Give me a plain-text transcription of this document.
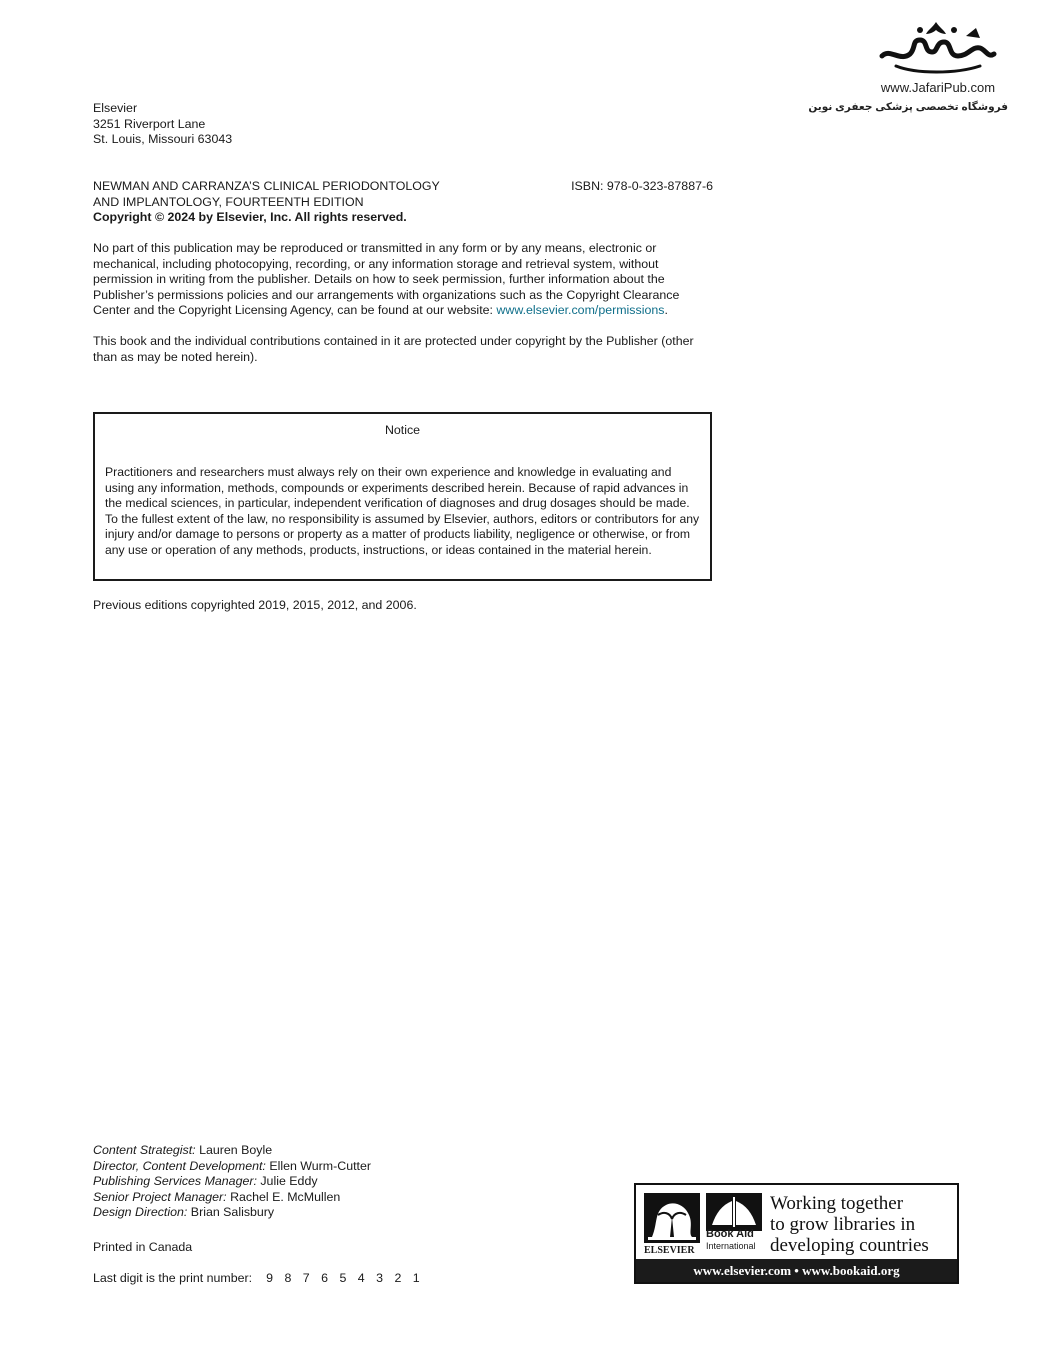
www.JafariPub.com
فروشگاه تخصصی پزشکی جعفری نوین
Elsevier
3251 Riverport Lane
St. Louis, Missouri 63043
NEWMAN AND CARRANZA’S CLINICAL PERIODONTOLOGY
AND IMPLANTOLOGY, FOURTEENTH EDITION
Copyright © 2024 by Elsevier, Inc. All rights reserved.
ISBN: 978-0-323-87887-6
No part of this publication may be reproduced or transmitted in any form or by any means, electronic or mechanical, including photocopying, recording, or any information storage and retrieval system, without permission in writing from the publisher. Details on how to seek permission, further information about the Publisher’s permissions policies and our arrangements with organizations such as the Copyright Clearance Center and the Copyright Licensing Agency, can be found at our website: www.elsevier.com/permissions.
This book and the individual contributions contained in it are protected under copyright by the Publisher (other than as may be noted herein).
Notice
Practitioners and researchers must always rely on their own experience and knowledge in evaluating and using any information, methods, compounds or experiments described herein. Because of rapid advances in the medical sciences, in particular, independent verification of diagnoses and drug dosages should be made. To the fullest extent of the law, no responsibility is assumed by Elsevier, authors, editors or contributors for any injury and/or damage to persons or property as a matter of products liability, negligence or otherwise, or from any use or operation of any methods, products, instructions, or ideas contained in the material herein.
Previous editions copyrighted 2019, 2015, 2012, and 2006.
Content Strategist: Lauren Boyle
Director, Content Development: Ellen Wurm-Cutter
Publishing Services Manager: Julie Eddy
Senior Project Manager: Rachel E. McMullen
Design Direction: Brian Salisbury
Printed in Canada
Last digit is the print number: 9 8 7 6 5 4 3 2 1
ELSEVIER
Book Aid
International
Working together
to grow libraries in
developing countries
www.elsevier.com • www.bookaid.org
